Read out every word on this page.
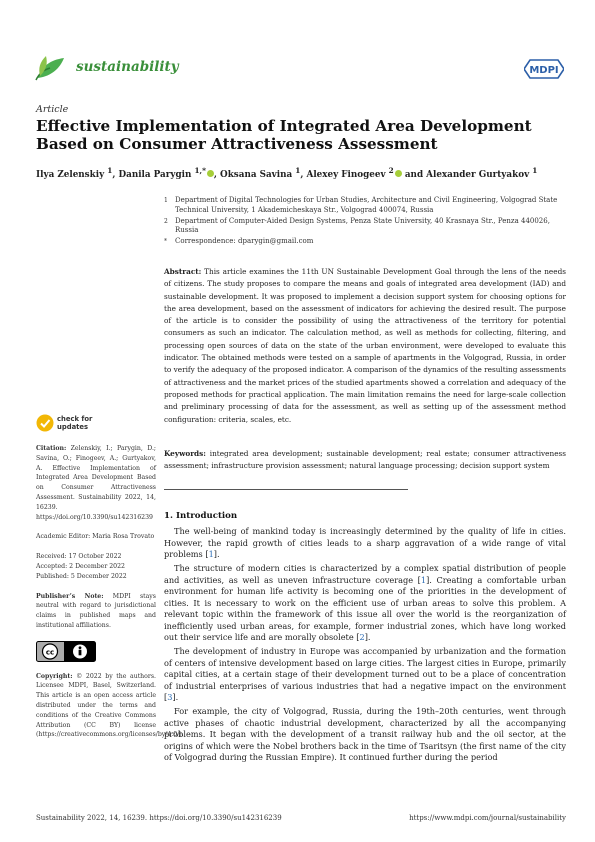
sustainability	MDPI
Article
Effective Implementation of Integrated Area Development Based on Consumer Attractiveness Assessment
Ilya Zelenskiy $^1$, Danila Parygin $^{1,*}$ , Oksana Savina $^1$, Alexey Finogeev $^2$ and Alexander Gurtyakov $^1$
1 Department of Digital Technologies for Urban Studies, Architecture and Civil Engineering, Volgograd State Technical University, 1 Akademicheskaya Str., Volgograd 400074, Russia
2 Department of Computer-Aided Design Systems, Penza State University, 40 Krasnaya Str., Penza 440026, Russia
* Correspondence: dparygin@gmail.com
Abstract: This article examines the 11th UN Sustainable Development Goal through the lens of the needs of citizens. The study proposes to compare the means and goals of integrated area development (IAD) and sustainable development. It was proposed to implement a decision support system for choosing options for the area development, based on the assessment of indicators for achieving the desired result. The purpose of the article is to consider the possibility of using the attractiveness of the territory for potential consumers as such an indicator. The calculation method, as well as methods for collecting, filtering, and processing open sources of data on the state of the urban environment, were developed to evaluate this indicator. The obtained methods were tested on a sample of apartments in the Volgograd, Russia, in order to verify the adequacy of the proposed indicator. A comparison of the dynamics of the resulting assessments of attractiveness and the market prices of the studied apartments showed a correlation and adequacy of the proposed methods for practical application. The main limitation remains the need for large-scale collection and preliminary processing of data for the assessment, as well as setting up of the assessment method configuration: criteria, scales, etc.
Keywords: integrated area development; sustainable development; real estate; consumer attractiveness assessment; infrastructure provision assessment; natural language processing; decision support system
1. Introduction

The well-being of mankind today is increasingly determined by the quality of life in cities. However, the rapid growth of cities leads to a sharp aggravation of a wide range of vital problems [1].

The structure of modern cities is characterized by a complex spatial distribution of people and activities, as well as uneven infrastructure coverage [1]. Creating a comfortable urban environment for human life activity is becoming one of the priorities in the development of cities. It is necessary to work on the efficient use of urban areas to solve this problem. A relevant topic within the framework of this issue all over the world is the reorganization of inefficiently used urban areas, for example, former industrial zones, which have long worked out their service life and are morally obsolete [2].

The development of industry in Europe was accompanied by urbanization and the formation of centers of intensive development based on large cities. The largest cities in Europe, primarily capital cities, at a certain stage of their development turned out to be a place of concentration of industrial enterprises of various industries that had a negative impact on the environment [3].

For example, the city of Volgograd, Russia, during the 19th–20th centuries, went through active phases of chaotic industrial development, characterized by all the accompanying problems. It began with the development of a transit railway hub and the oil sector, at the origins of which were the Nobel brothers back in the time of Tsaritsyn (the first name of the city of Volgograd during the Russian Empire). It continued further during the period

check for
updates
Citation: Zelenskiy, I.; Parygin, D.; Savina, O.; Finogeev, A.; Gurtyakov, A. Effective Implementation of Integrated Area Development Based on Consumer Attractiveness Assessment. Sustainability 2022, 14, 16239. https://doi.org/10.3390/su142316239
Academic Editor: Maria Rosa Trovato
Received: 17 October 2022
Accepted: 2 December 2022
Published: 5 December 2022
Publisher’s Note: MDPI stays neutral with regard to jurisdictional claims in published maps and institutional affiliations.
cc
Copyright: © 2022 by the authors. Licensee MDPI, Basel, Switzerland. This article is an open access article distributed under the terms and conditions of the Creative Commons Attribution (CC BY) license (https://creativecommons.org/licenses/by/4.0/).
Sustainability 2022, 14, 16239. https://doi.org/10.3390/su142316239	https://www.mdpi.com/journal/sustainability
